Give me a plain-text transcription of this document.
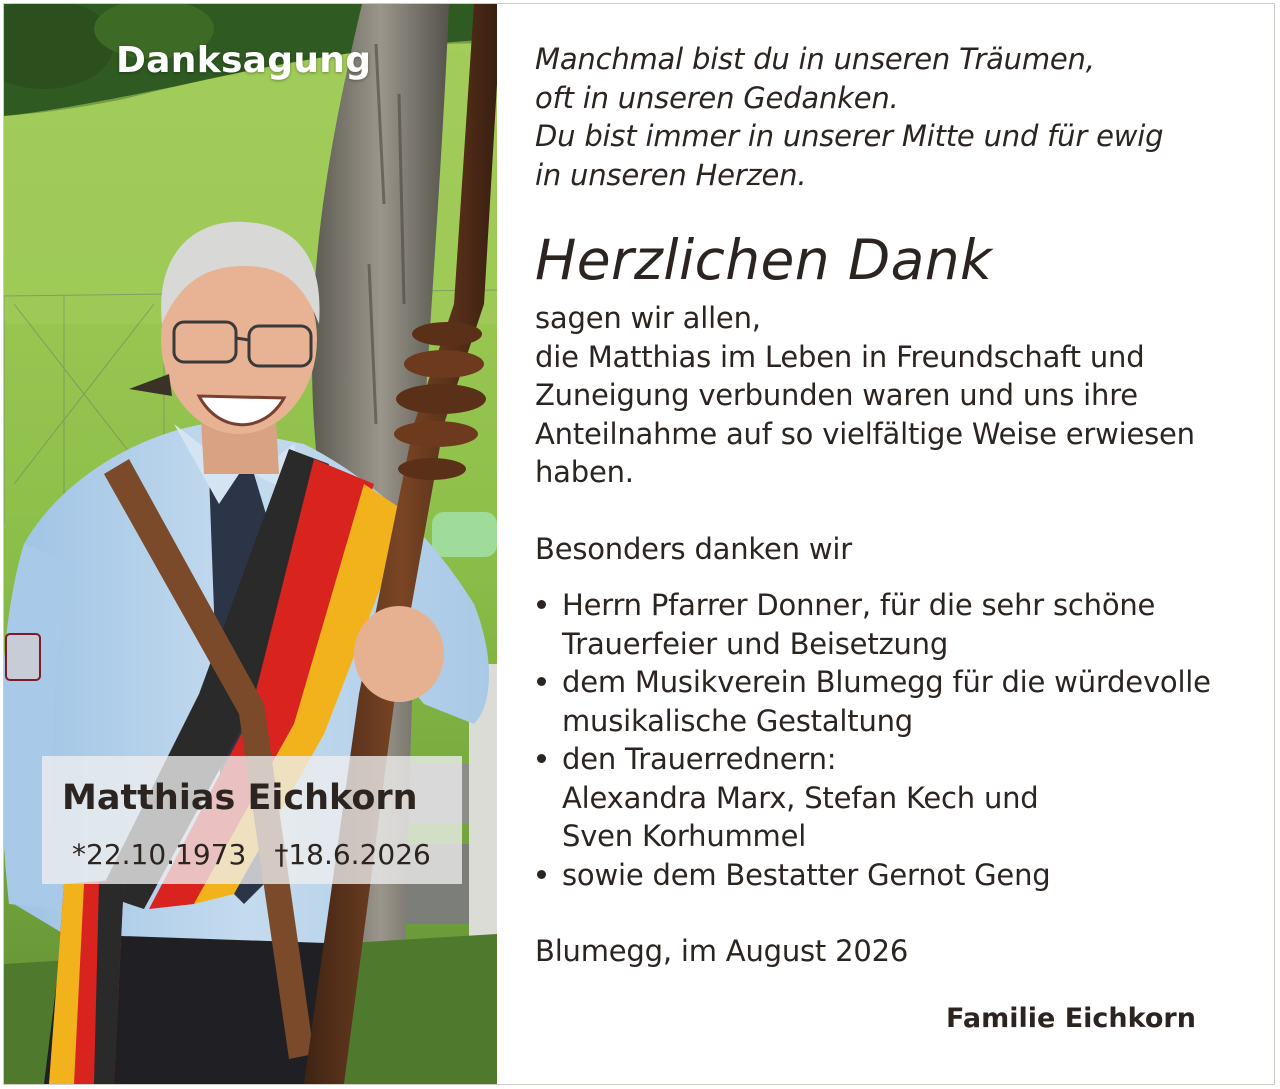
Danksagung
Matthias Eichkorn
*22.10.1973 †18.6.2026
Manchmal bist du in unseren Träumen,
oft in unseren Gedanken.
Du bist immer in unserer Mitte und für ewig
in unseren Herzen.
Herzlichen Dank
sagen wir allen,
die Matthias im Leben in Freundschaft und
Zuneigung verbunden waren und uns ihre
Anteilnahme auf so vielfältige Weise erwiesen
haben.
Besonders danken wir
Herrn Pfarrer Donner, für die sehr schöne
Trauerfeier und Beisetzung
dem Musikverein Blumegg für die würdevolle
musikalische Gestaltung
den Trauerrednern:
Alexandra Marx, Stefan Kech und
Sven Korhummel
sowie dem Bestatter Gernot Geng
Blumegg, im August 2026
Familie Eichkorn
